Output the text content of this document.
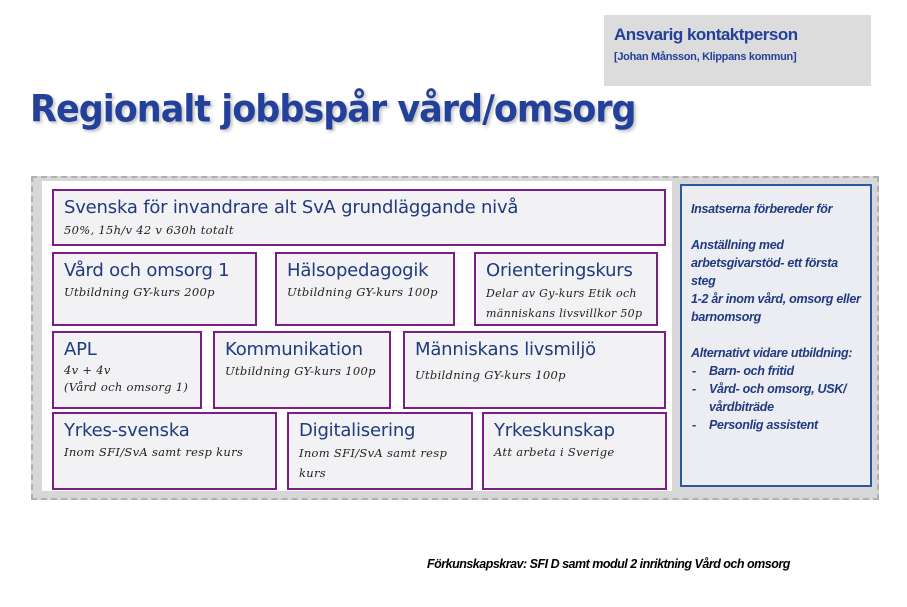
Ansvarig kontaktperson
[Johan Månsson, Klippans kommun]
Regionalt jobbspår vård/omsorg
Svenska för invandrare alt SvA grundläggande nivå
50%, 15h/v 42 v 630h totalt
Vård och omsorg 1
Utbildning GY-kurs 200p
Hälsopedagogik
Utbildning GY-kurs 100p
Orienteringskurs
Delar av Gy-kurs Etik och människans livsvillkor 50p
APL
4v + 4v
(Vård och omsorg 1)
Kommunikation
Utbildning GY-kurs 100p
Människans livsmiljö
Utbildning GY-kurs 100p
Yrkes-svenska
Inom SFI/SvA samt resp kurs
Digitalisering
Inom SFI/SvA samt resp kurs
Yrkeskunskap
Att arbeta i Sverige

Insatserna förbereder för

Anställning med arbetsgivarstöd- ett första steg

1-2 år inom vård, omsorg eller barnomsorg

Alternativt vidare utbildning:

- Barn- och fritid
- Vård- och omsorg, USK/ vårdbiträde
- Personlig assistent
Förkunskapskrav: SFI D samt modul 2 inriktning Vård och omsorg
